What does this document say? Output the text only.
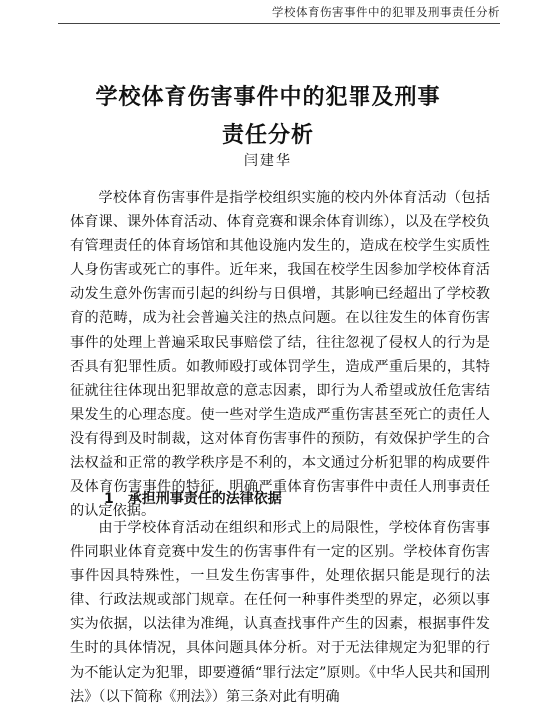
学校体育伤害事件中的犯罪及刑事责任分析
学校体育伤害事件中的犯罪及刑事
责任分析
闫建华
学校体育伤害事件是指学校组织实施的校内外体育活动（包括体育课、课外体育活动、体育竞赛和课余体育训练），以及在学校负有管理责任的体育场馆和其他设施内发生的，造成在校学生实质性人身伤害或死亡的事件。近年来，我国在校学生因参加学校体育活动发生意外伤害而引起的纠纷与日俱增，其影响已经超出了学校教育的范畴，成为社会普遍关注的热点问题。在以往发生的体育伤害事件的处理上普遍采取民事赔偿了结，往往忽视了侵权人的行为是否具有犯罪性质。如教师殴打或体罚学生，造成严重后果的，其特征就往往体现出犯罪故意的意志因素，即行为人希望或放任危害结果发生的心理态度。使一些对学生造成严重伤害甚至死亡的责任人没有得到及时制裁，这对体育伤害事件的预防，有效保护学生的合法权益和正常的教学秩序是不利的，本文通过分析犯罪的构成要件及体育伤害事件的特征，明确严重体育伤害事件中责任人刑事责任的认定依据。
1 承担刑事责任的法律依据
由于学校体育活动在组织和形式上的局限性，学校体育伤害事件同职业体育竞赛中发生的伤害事件有一定的区别。学校体育伤害事件因具特殊性，一旦发生伤害事件，处理依据只能是现行的法律、行政法规或部门规章。在任何一种事件类型的界定，必须以事实为依据，以法律为准绳，认真查找事件产生的因素，根据事件发生时的具体情况，具体问题具体分析。对于无法律规定为犯罪的行为不能认定为犯罪，即要遵循“罪行法定”原则。《中华人民共和国刑法》（以下简称《刑法》）第三条对此有明确
